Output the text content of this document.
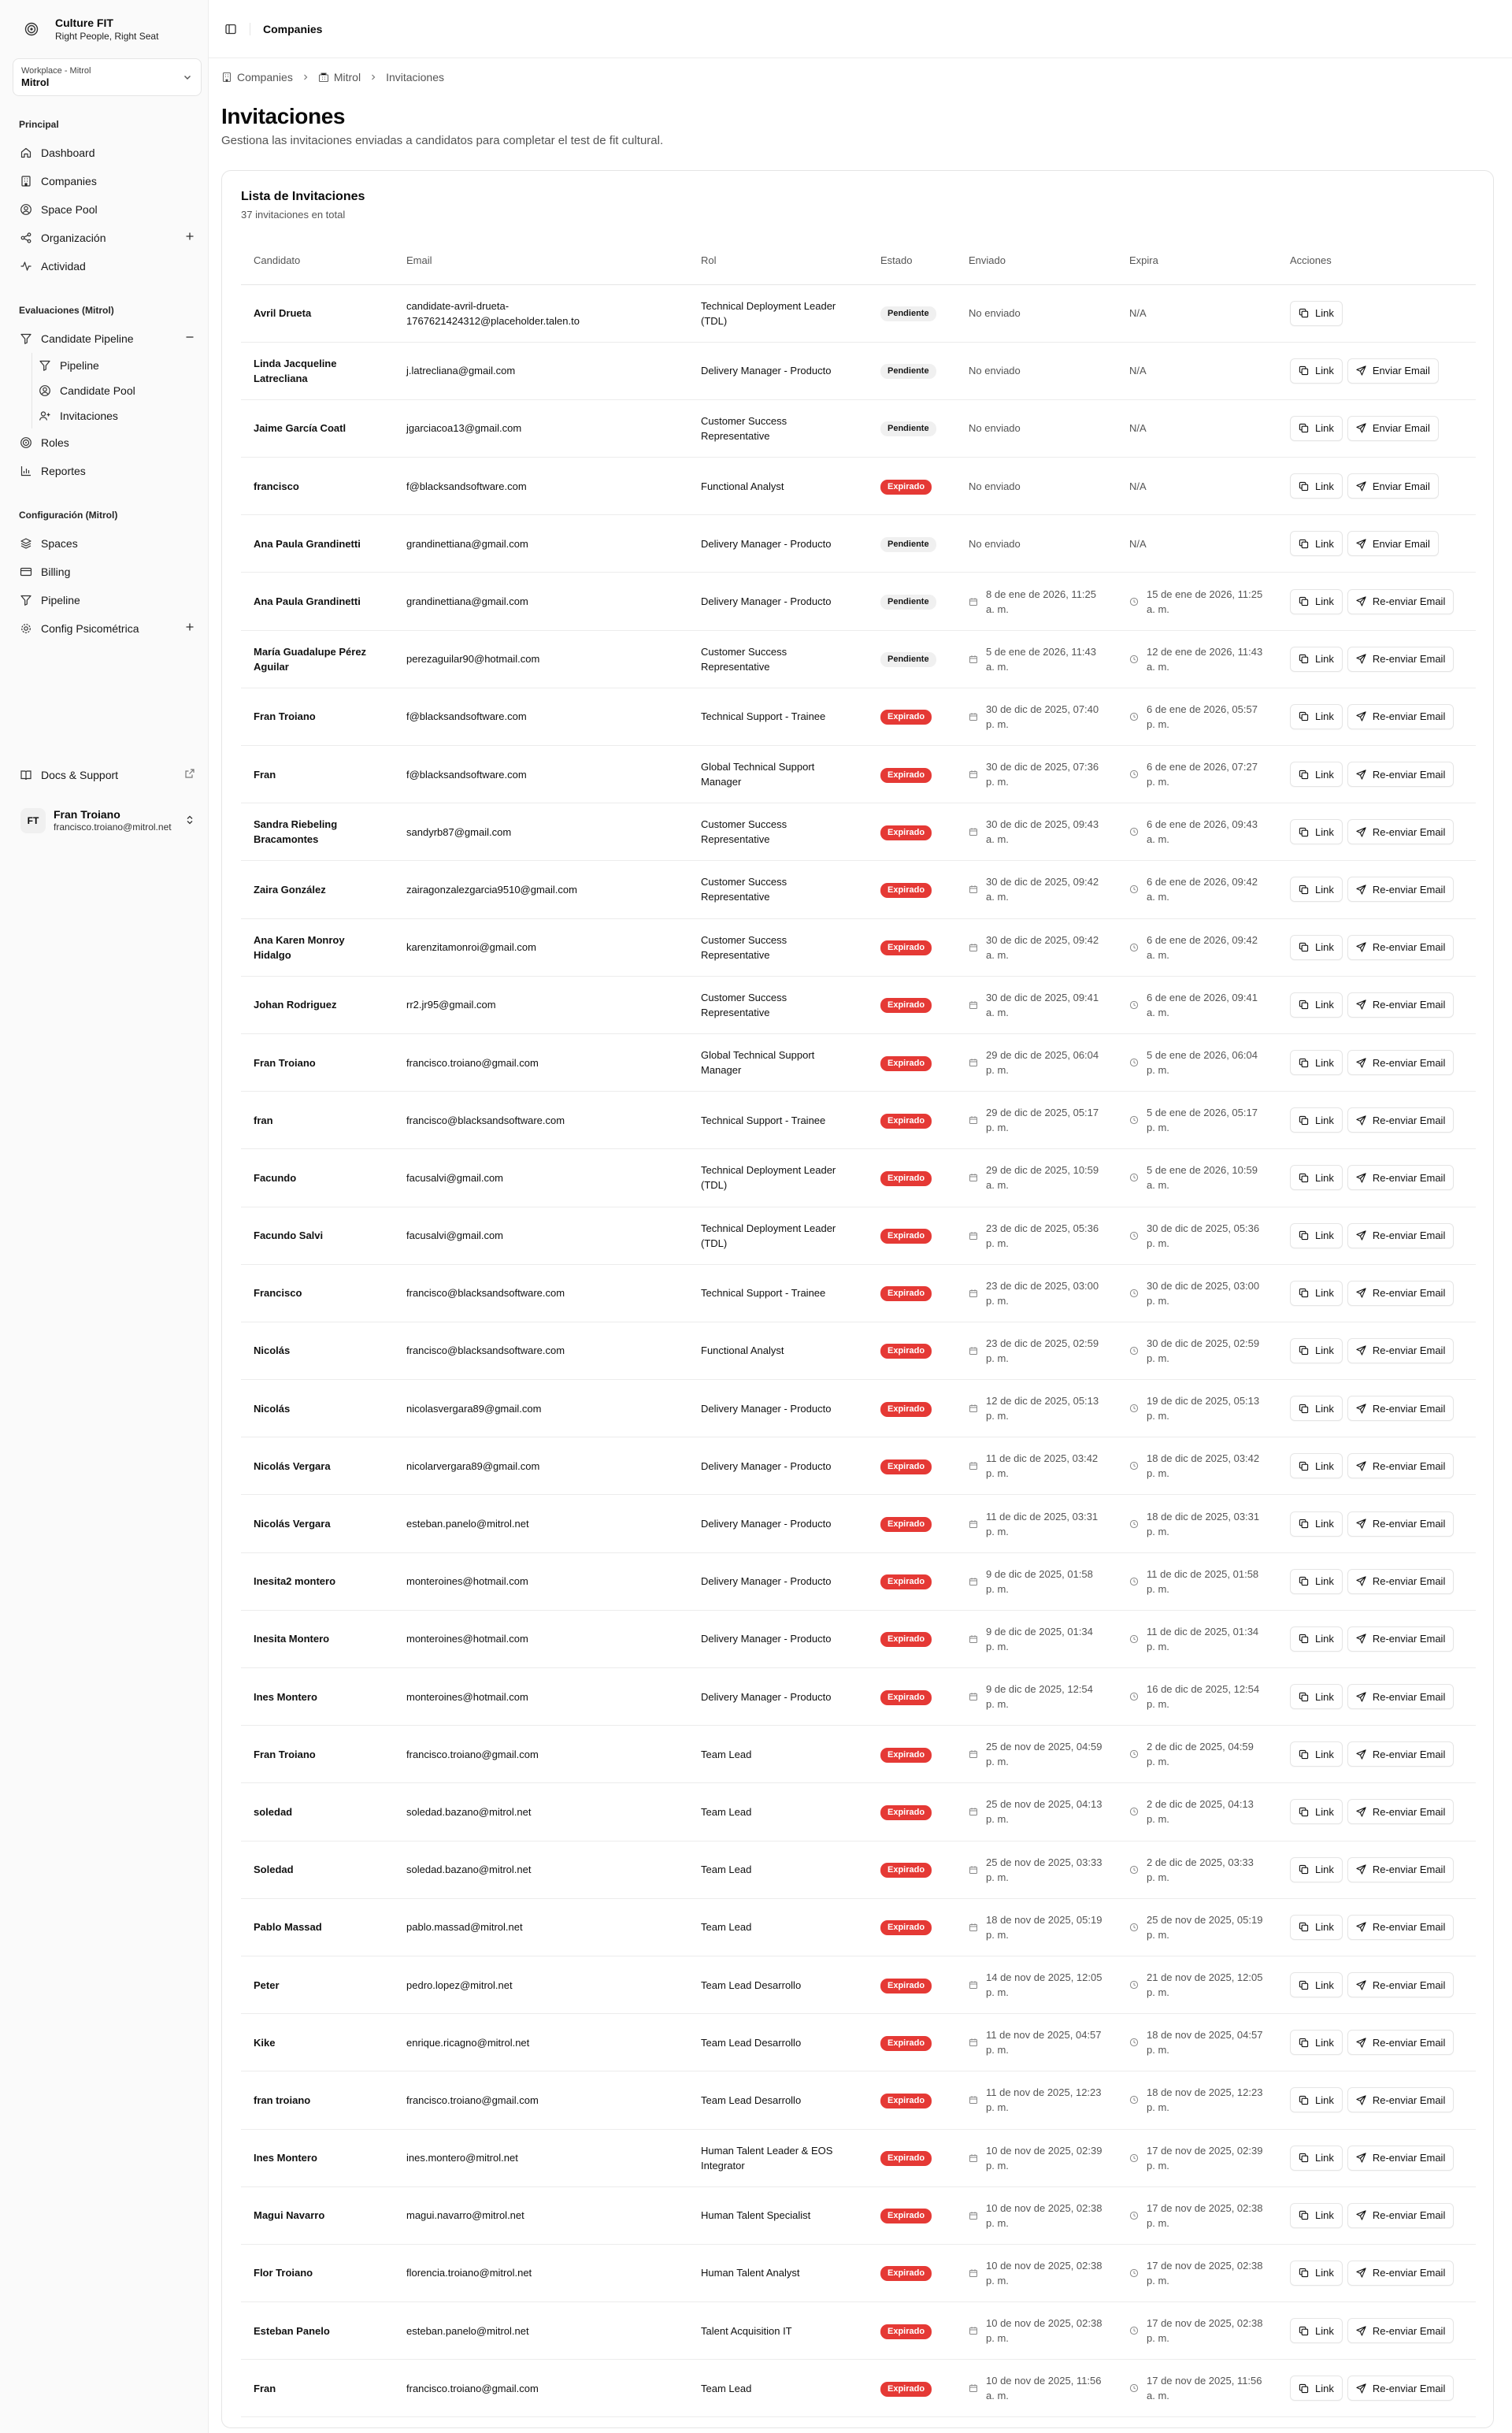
Culture FIT
Right People, Right Seat
Workplace - Mitrol
Mitrol
Principal
Dashboard
Companies
Space Pool
Organización
Actividad
Evaluaciones (Mitrol)
Candidate Pipeline
Pipeline
Candidate Pool
Invitaciones
Roles
Reportes
Configuración (Mitrol)
Spaces
Billing
Pipeline
Config Psicométrica
Docs & Support
FT	Fran Troiano
francisco.troiano@mitrol.net
Companies
Companies	Mitrol Invitaciones
Invitaciones
Gestiona las invitaciones enviadas a candidatos para completar el test de fit cultural.
Lista de Invitaciones
37 invitaciones en total
Candidato	Email	Rol	Estado	Enviado	Expira	Acciones
Avril Drueta	candidate-avril-drueta-1767621424312@placeholder.talen.to	Technical Deployment Leader (TDL)	Pendiente	No enviado	N/A	Link

Linda Jacqueline Latrecliana	j.latrecliana@gmail.com	Delivery Manager - Producto	Pendiente	No enviado	N/A	Link Enviar Email

Jaime García Coatl	jgarciacoa13@gmail.com	Customer Success Representative	Pendiente	No enviado	N/A	Link Enviar Email

francisco	f@blacksandsoftware.com	Functional Analyst	Expirado	No enviado	N/A	Link Enviar Email

Ana Paula Grandinetti	grandinettiana@gmail.com	Delivery Manager - Producto	Pendiente	No enviado	N/A	Link Enviar Email

Ana Paula Grandinetti	grandinettiana@gmail.com	Delivery Manager - Producto	Pendiente	8 de ene de 2026, 11:25 a. m.	15 de ene de 2026, 11:25 a. m.	Link Re-enviar Email

María Guadalupe Pérez Aguilar	perezaguilar90@hotmail.com	Customer Success Representative	Pendiente	5 de ene de 2026, 11:43 a. m.	12 de ene de 2026, 11:43 a. m.	Link Re-enviar Email

Fran Troiano	f@blacksandsoftware.com	Technical Support - Trainee	Expirado	30 de dic de 2025, 07:40 p. m.	6 de ene de 2026, 05:57 p. m.	Link Re-enviar Email

Fran	f@blacksandsoftware.com	Global Technical Support Manager	Expirado	30 de dic de 2025, 07:36 p. m.	6 de ene de 2026, 07:27 p. m.	Link Re-enviar Email

Sandra Riebeling Bracamontes	sandyrb87@gmail.com	Customer Success Representative	Expirado	30 de dic de 2025, 09:43 a. m.	6 de ene de 2026, 09:43 a. m.	Link Re-enviar Email

Zaira González	zairagonzalezgarcia9510@gmail.com	Customer Success Representative	Expirado	30 de dic de 2025, 09:42 a. m.	6 de ene de 2026, 09:42 a. m.	Link Re-enviar Email

Ana Karen Monroy Hidalgo	karenzitamonroi@gmail.com	Customer Success Representative	Expirado	30 de dic de 2025, 09:42 a. m.	6 de ene de 2026, 09:42 a. m.	Link Re-enviar Email

Johan Rodriguez	rr2.jr95@gmail.com	Customer Success Representative	Expirado	30 de dic de 2025, 09:41 a. m.	6 de ene de 2026, 09:41 a. m.	Link Re-enviar Email

Fran Troiano	francisco.troiano@gmail.com	Global Technical Support Manager	Expirado	29 de dic de 2025, 06:04 p. m.	5 de ene de 2026, 06:04 p. m.	Link Re-enviar Email

fran	francisco@blacksandsoftware.com	Technical Support - Trainee	Expirado	29 de dic de 2025, 05:17 p. m.	5 de ene de 2026, 05:17 p. m.	Link Re-enviar Email

Facundo	facusalvi@gmail.com	Technical Deployment Leader (TDL)	Expirado	29 de dic de 2025, 10:59 a. m.	5 de ene de 2026, 10:59 a. m.	Link Re-enviar Email

Facundo Salvi	facusalvi@gmail.com	Technical Deployment Leader (TDL)	Expirado	23 de dic de 2025, 05:36 p. m.	30 de dic de 2025, 05:36 p. m.	Link Re-enviar Email

Francisco	francisco@blacksandsoftware.com	Technical Support - Trainee	Expirado	23 de dic de 2025, 03:00 p. m.	30 de dic de 2025, 03:00 p. m.	Link Re-enviar Email

Nicolás	francisco@blacksandsoftware.com	Functional Analyst	Expirado	23 de dic de 2025, 02:59 p. m.	30 de dic de 2025, 02:59 p. m.	Link Re-enviar Email

Nicolás	nicolasvergara89@gmail.com	Delivery Manager - Producto	Expirado	12 de dic de 2025, 05:13 p. m.	19 de dic de 2025, 05:13 p. m.	Link Re-enviar Email

Nicolás Vergara	nicolarvergara89@gmail.com	Delivery Manager - Producto	Expirado	11 de dic de 2025, 03:42 p. m.	18 de dic de 2025, 03:42 p. m.	Link Re-enviar Email

Nicolás Vergara	esteban.panelo@mitrol.net	Delivery Manager - Producto	Expirado	11 de dic de 2025, 03:31 p. m.	18 de dic de 2025, 03:31 p. m.	Link Re-enviar Email

Inesita2 montero	monteroines@hotmail.com	Delivery Manager - Producto	Expirado	9 de dic de 2025, 01:58 p. m.	11 de dic de 2025, 01:58 p. m.	Link Re-enviar Email

Inesita Montero	monteroines@hotmail.com	Delivery Manager - Producto	Expirado	9 de dic de 2025, 01:34 p. m.	11 de dic de 2025, 01:34 p. m.	Link Re-enviar Email

Ines Montero	monteroines@hotmail.com	Delivery Manager - Producto	Expirado	9 de dic de 2025, 12:54 p. m.	16 de dic de 2025, 12:54 p. m.	Link Re-enviar Email

Fran Troiano	francisco.troiano@gmail.com	Team Lead	Expirado	25 de nov de 2025, 04:59 p. m.	2 de dic de 2025, 04:59 p. m.	Link Re-enviar Email

soledad	soledad.bazano@mitrol.net	Team Lead	Expirado	25 de nov de 2025, 04:13 p. m.	2 de dic de 2025, 04:13 p. m.	Link Re-enviar Email

Soledad	soledad.bazano@mitrol.net	Team Lead	Expirado	25 de nov de 2025, 03:33 p. m.	2 de dic de 2025, 03:33 p. m.	Link Re-enviar Email

Pablo Massad	pablo.massad@mitrol.net	Team Lead	Expirado	18 de nov de 2025, 05:19 p. m.	25 de nov de 2025, 05:19 p. m.	Link Re-enviar Email

Peter	pedro.lopez@mitrol.net	Team Lead Desarrollo	Expirado	14 de nov de 2025, 12:05 p. m.	21 de nov de 2025, 12:05 p. m.	Link Re-enviar Email

Kike	enrique.ricagno@mitrol.net	Team Lead Desarrollo	Expirado	11 de nov de 2025, 04:57 p. m.	18 de nov de 2025, 04:57 p. m.	Link Re-enviar Email

fran troiano	francisco.troiano@gmail.com	Team Lead Desarrollo	Expirado	11 de nov de 2025, 12:23 p. m.	18 de nov de 2025, 12:23 p. m.	Link Re-enviar Email

Ines Montero	ines.montero@mitrol.net	Human Talent Leader & EOS Integrator	Expirado	10 de nov de 2025, 02:39 p. m.	17 de nov de 2025, 02:39 p. m.	Link Re-enviar Email

Magui Navarro	magui.navarro@mitrol.net	Human Talent Specialist	Expirado	10 de nov de 2025, 02:38 p. m.	17 de nov de 2025, 02:38 p. m.	Link Re-enviar Email

Flor Troiano	florencia.troiano@mitrol.net	Human Talent Analyst	Expirado	10 de nov de 2025, 02:38 p. m.	17 de nov de 2025, 02:38 p. m.	Link Re-enviar Email

Esteban Panelo	esteban.panelo@mitrol.net	Talent Acquisition IT	Expirado	10 de nov de 2025, 02:38 p. m.	17 de nov de 2025, 02:38 p. m.	Link Re-enviar Email

Fran	francisco.troiano@gmail.com	Team Lead	Expirado	10 de nov de 2025, 11:56 a. m.	17 de nov de 2025, 11:56 a. m.	Link Re-enviar Email
